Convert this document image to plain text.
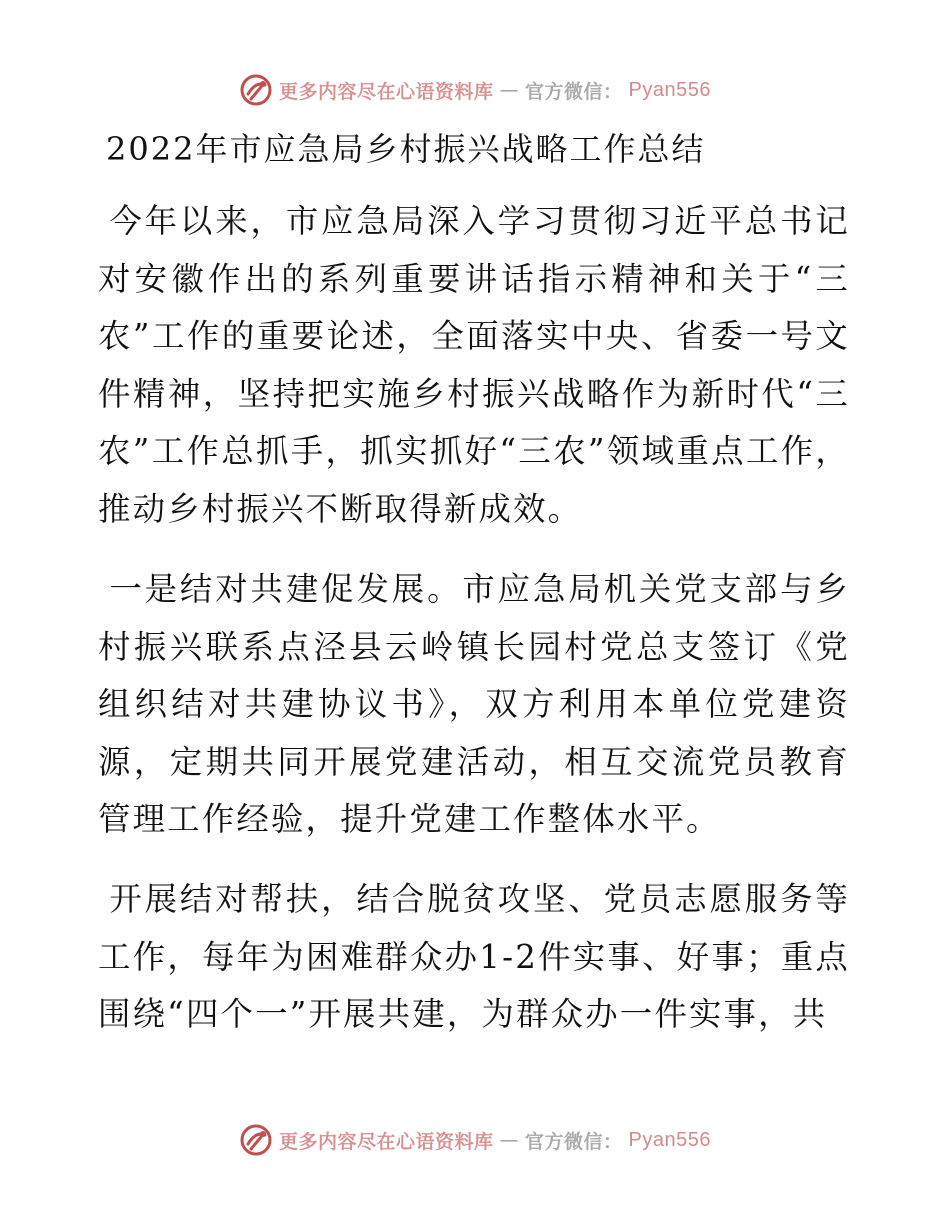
更多内容尽在心语资料库 — 官方微信： Pyan556
2022年市应急局乡村振兴战略工作总结

今年以来，市应急局深入学习贯彻习近平总书记对安徽作出的系列重要讲话指示精神和关于“三农”工作的重要论述，全面落实中央、省委一号文件精神，坚持把实施乡村振兴战略作为新时代“三农”工作总抓手，抓实抓好“三农”领域重点工作，推动乡村振兴不断取得新成效。

一是结对共建促发展。市应急局机关党支部与乡村振兴联系点泾县云岭镇长园村党总支签订《党组织结对共建协议书》，双方利用本单位党建资源，定期共同开展党建活动，相互交流党员教育管理工作经验，提升党建工作整体水平。

开展结对帮扶，结合脱贫攻坚、党员志愿服务等工作，每年为困难群众办1-2件实事、好事；重点围绕“四个一”开展共建，为群众办一件实事，共

更多内容尽在心语资料库 — 官方微信： Pyan556
